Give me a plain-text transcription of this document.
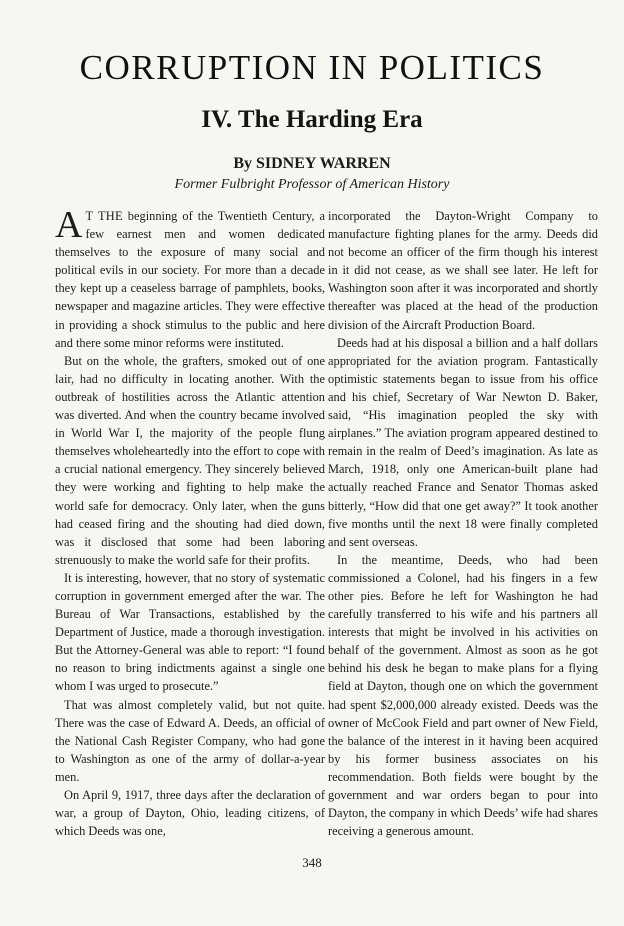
CORRUPTION IN POLITICS
IV. The Harding Era
By SIDNEY WARREN
Former Fulbright Professor of American History

A T THE beginning of the Twentieth Century, a few earnest men and women dedicated themselves to the exposure of many social and political evils in our society. For more than a decade they kept up a ceaseless barrage of pamphlets, books, newspaper and magazine articles. They were effective in providing a shock stimulus to the public and here and there some minor reforms were instituted.

But on the whole, the grafters, smoked out of one lair, had no difficulty in locating another. With the outbreak of hostilities across the Atlantic attention was diverted. And when the country became involved in World War I, the majority of the people flung themselves wholeheartedly into the effort to cope with a crucial national emergency. They sincerely believed they were working and fighting to help make the world safe for democracy. Only later, when the guns had ceased firing and the shouting had died down, was it disclosed that some had been laboring strenuously to make the world safe for their profits.

It is interesting, however, that no story of systematic corruption in government emerged after the war. The Bureau of War Transactions, established by the Department of Justice, made a thorough investigation. But the Attorney-General was able to report: “I found no reason to bring indictments against a single one whom I was urged to prosecute.”

That was almost completely valid, but not quite. There was the case of Edward A. Deeds, an official of the National Cash Register Company, who had gone to Washington as one of the army of dollar-a-year men.

On April 9, 1917, three days after the declaration of war, a group of Dayton, Ohio, leading citizens, of which Deeds was one,

incorporated the Dayton-Wright Company to manufacture fighting planes for the army. Deeds did not become an officer of the firm though his interest in it did not cease, as we shall see later. He left for Washington soon after it was incorporated and shortly thereafter was placed at the head of the production division of the Aircraft Production Board.

Deeds had at his disposal a billion and a half dollars appropriated for the aviation program. Fantastically optimistic statements began to issue from his office and his chief, Secretary of War Newton D. Baker, said, “His imagination peopled the sky with airplanes.” The aviation program appeared destined to remain in the realm of Deed’s imagination. As late as March, 1918, only one American-built plane had actually reached France and Senator Thomas asked bitterly, “How did that one get away?” It took another five months until the next 18 were finally completed and sent overseas.

In the meantime, Deeds, who had been commissioned a Colonel, had his fingers in a few other pies. Before he left for Washington he had carefully transferred to his wife and his partners all interests that might be involved in his activities on behalf of the government. Almost as soon as he got behind his desk he began to make plans for a flying field at Dayton, though one on which the government had spent $2,000,000 already existed. Deeds was the owner of McCook Field and part owner of New Field, the balance of the interest in it having been acquired by his former business associates on his recommendation. Both fields were bought by the government and war orders began to pour into Dayton, the company in which Deeds’ wife had shares receiving a generous amount.

348
